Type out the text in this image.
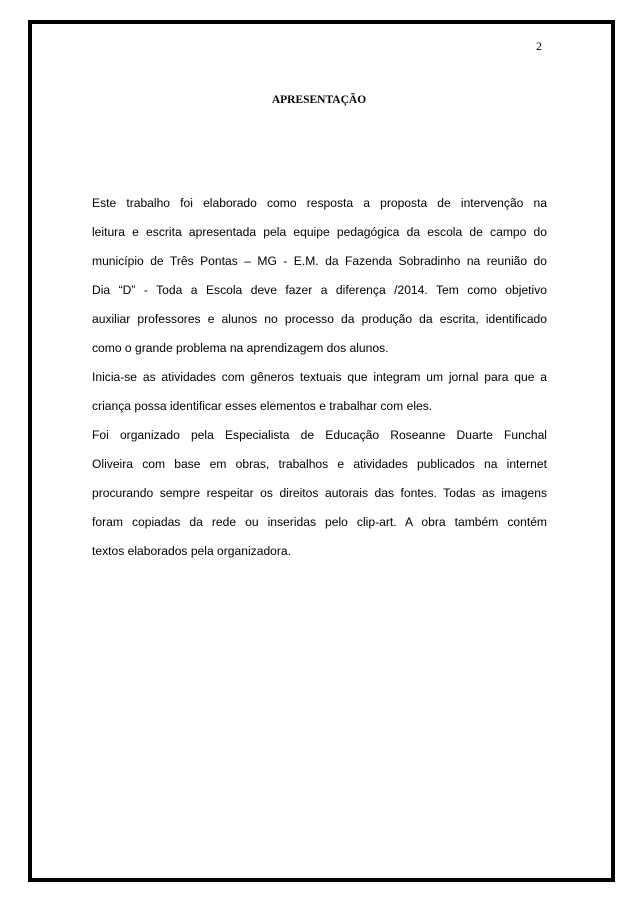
2
APRESENTAÇÃO
Este trabalho foi elaborado como resposta a proposta de intervenção na
leitura e escrita apresentada pela equipe pedagógica da escola de campo do
município de Três Pontas – MG - E.M. da Fazenda Sobradinho na reunião do
Dia “D” - Toda a Escola deve fazer a diferença /2014. Tem como objetivo
auxiliar professores e alunos no processo da produção da escrita, identificado
como o grande problema na aprendizagem dos alunos.
Inicia-se as atividades com gêneros textuais que integram um jornal para que a
criança possa identificar esses elementos e trabalhar com eles.
Foi organizado pela Especialista de Educação Roseanne Duarte Funchal
Oliveira com base em obras, trabalhos e atividades publicados na internet
procurando sempre respeitar os direitos autorais das fontes. Todas as imagens
foram copiadas da rede ou inseridas pelo clip-art. A obra também contém
textos elaborados pela organizadora.
